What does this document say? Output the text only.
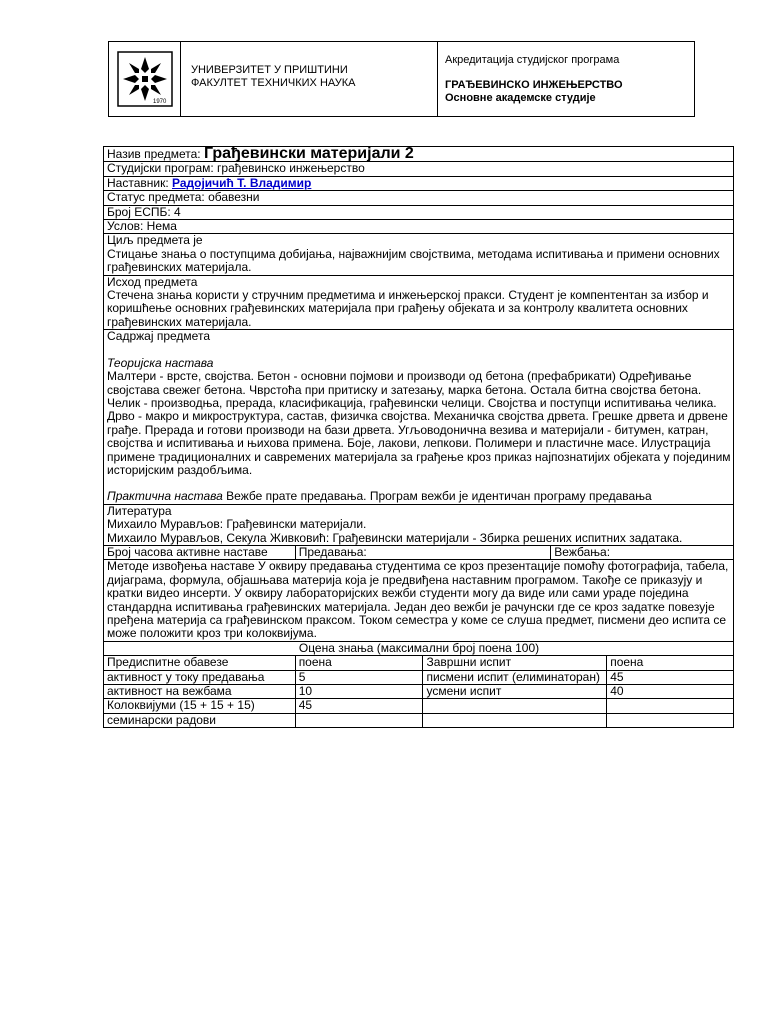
1970
УНИВЕРЗИТЕТ У ПРИШТИНИ
ФАКУЛТЕТ ТЕХНИЧКИХ НАУКА
Акредитација студијског програма
ГРАЂЕВИНСКО ИНЖЕЊЕРСТВО
Основне академске студије
Назив предмета: Грађевински материјали 2				
Студијски програм: грађевинско инжењерство				
Наставник: Радојичић Т. Владимир				
Статус предмета: обавезни				
Број ЕСПБ: 4				
Услов: Нема				

Циљ предмета је
Стицање знања о поступцима добијања, најважнијим својствима, методама испитивања и примени основних грађевинских материјала.				

Исход предмета
Стечена знања користи у стручним предметима и инжењерској пракси. Студент је компентентан за избор и коришћење основних грађевинских материјала при грађењу објеката и за контролу квалитета основних грађевинских материјала.				

Садржај предмета
Теоријска настава
Малтери - врсте, својства. Бетон - основни појмови и производи од бетона (префабрикати) Одређивање својстава свежег бетона. Чврстоћа при притиску и затезању, марка бетона. Остала битна својства бетона. Челик - производња, прерада, класификација, грађевински челици. Својства и поступци испитивања челика. Дрво - макро и микроструктура, састав, физичка својства. Механичка својства дрвета. Грешке дрвета и дрвене грађе. Прерада и готови производи на бази дрвета. Угљоводонична везива и материјали - битумен, катран, својства и испитивања и њихова примена. Боје, лакови, лепкови. Полимери и пластичне масе. Илустрација примене традиционалних и савремених материјала за грађење кроз приказ најпознатијих објеката у појединим историјским раздобљима.
Практична настава Вежбе прате предавања. Програм вежби је идентичан програму предавања				

Литература
Михаило Мурављов: Грађевински материјали.
Михаило Мурављов, Секула Живковић: Грађевински материјали - Збирка решених испитних задатака.				

Број часова активне наставе	Предавања:		Вежбања:	
Методе извођења наставе У оквиру предавања студентима се кроз презентације помоћу фотографија, табела, дијаграма, формула, објашњава материја која је предвиђена наставним програмом. Такође се приказују и кратки видео инсерти. У оквиру лабораторијских вежби студенти могу да виде или сами ураде поједина стандардна испитивања грађевинских материјала. Један део вежби је рачунски где се кроз задатке повезује пређена материја са грађевинском праксом. Током семестра у коме се слуша предмет, писмени део испита се може положити кроз три колоквијума.				
Оцена знања (максимални број поена 100)				
Предиспитне обавезе	поена	Завршни испит		поена
активност у току предавања	5	писмени испит (елиминаторан)		45
активност на вежбама	10	усмени испит		40
Колоквијуми (15 + 15 + 15)	45			
семинарски радови				
